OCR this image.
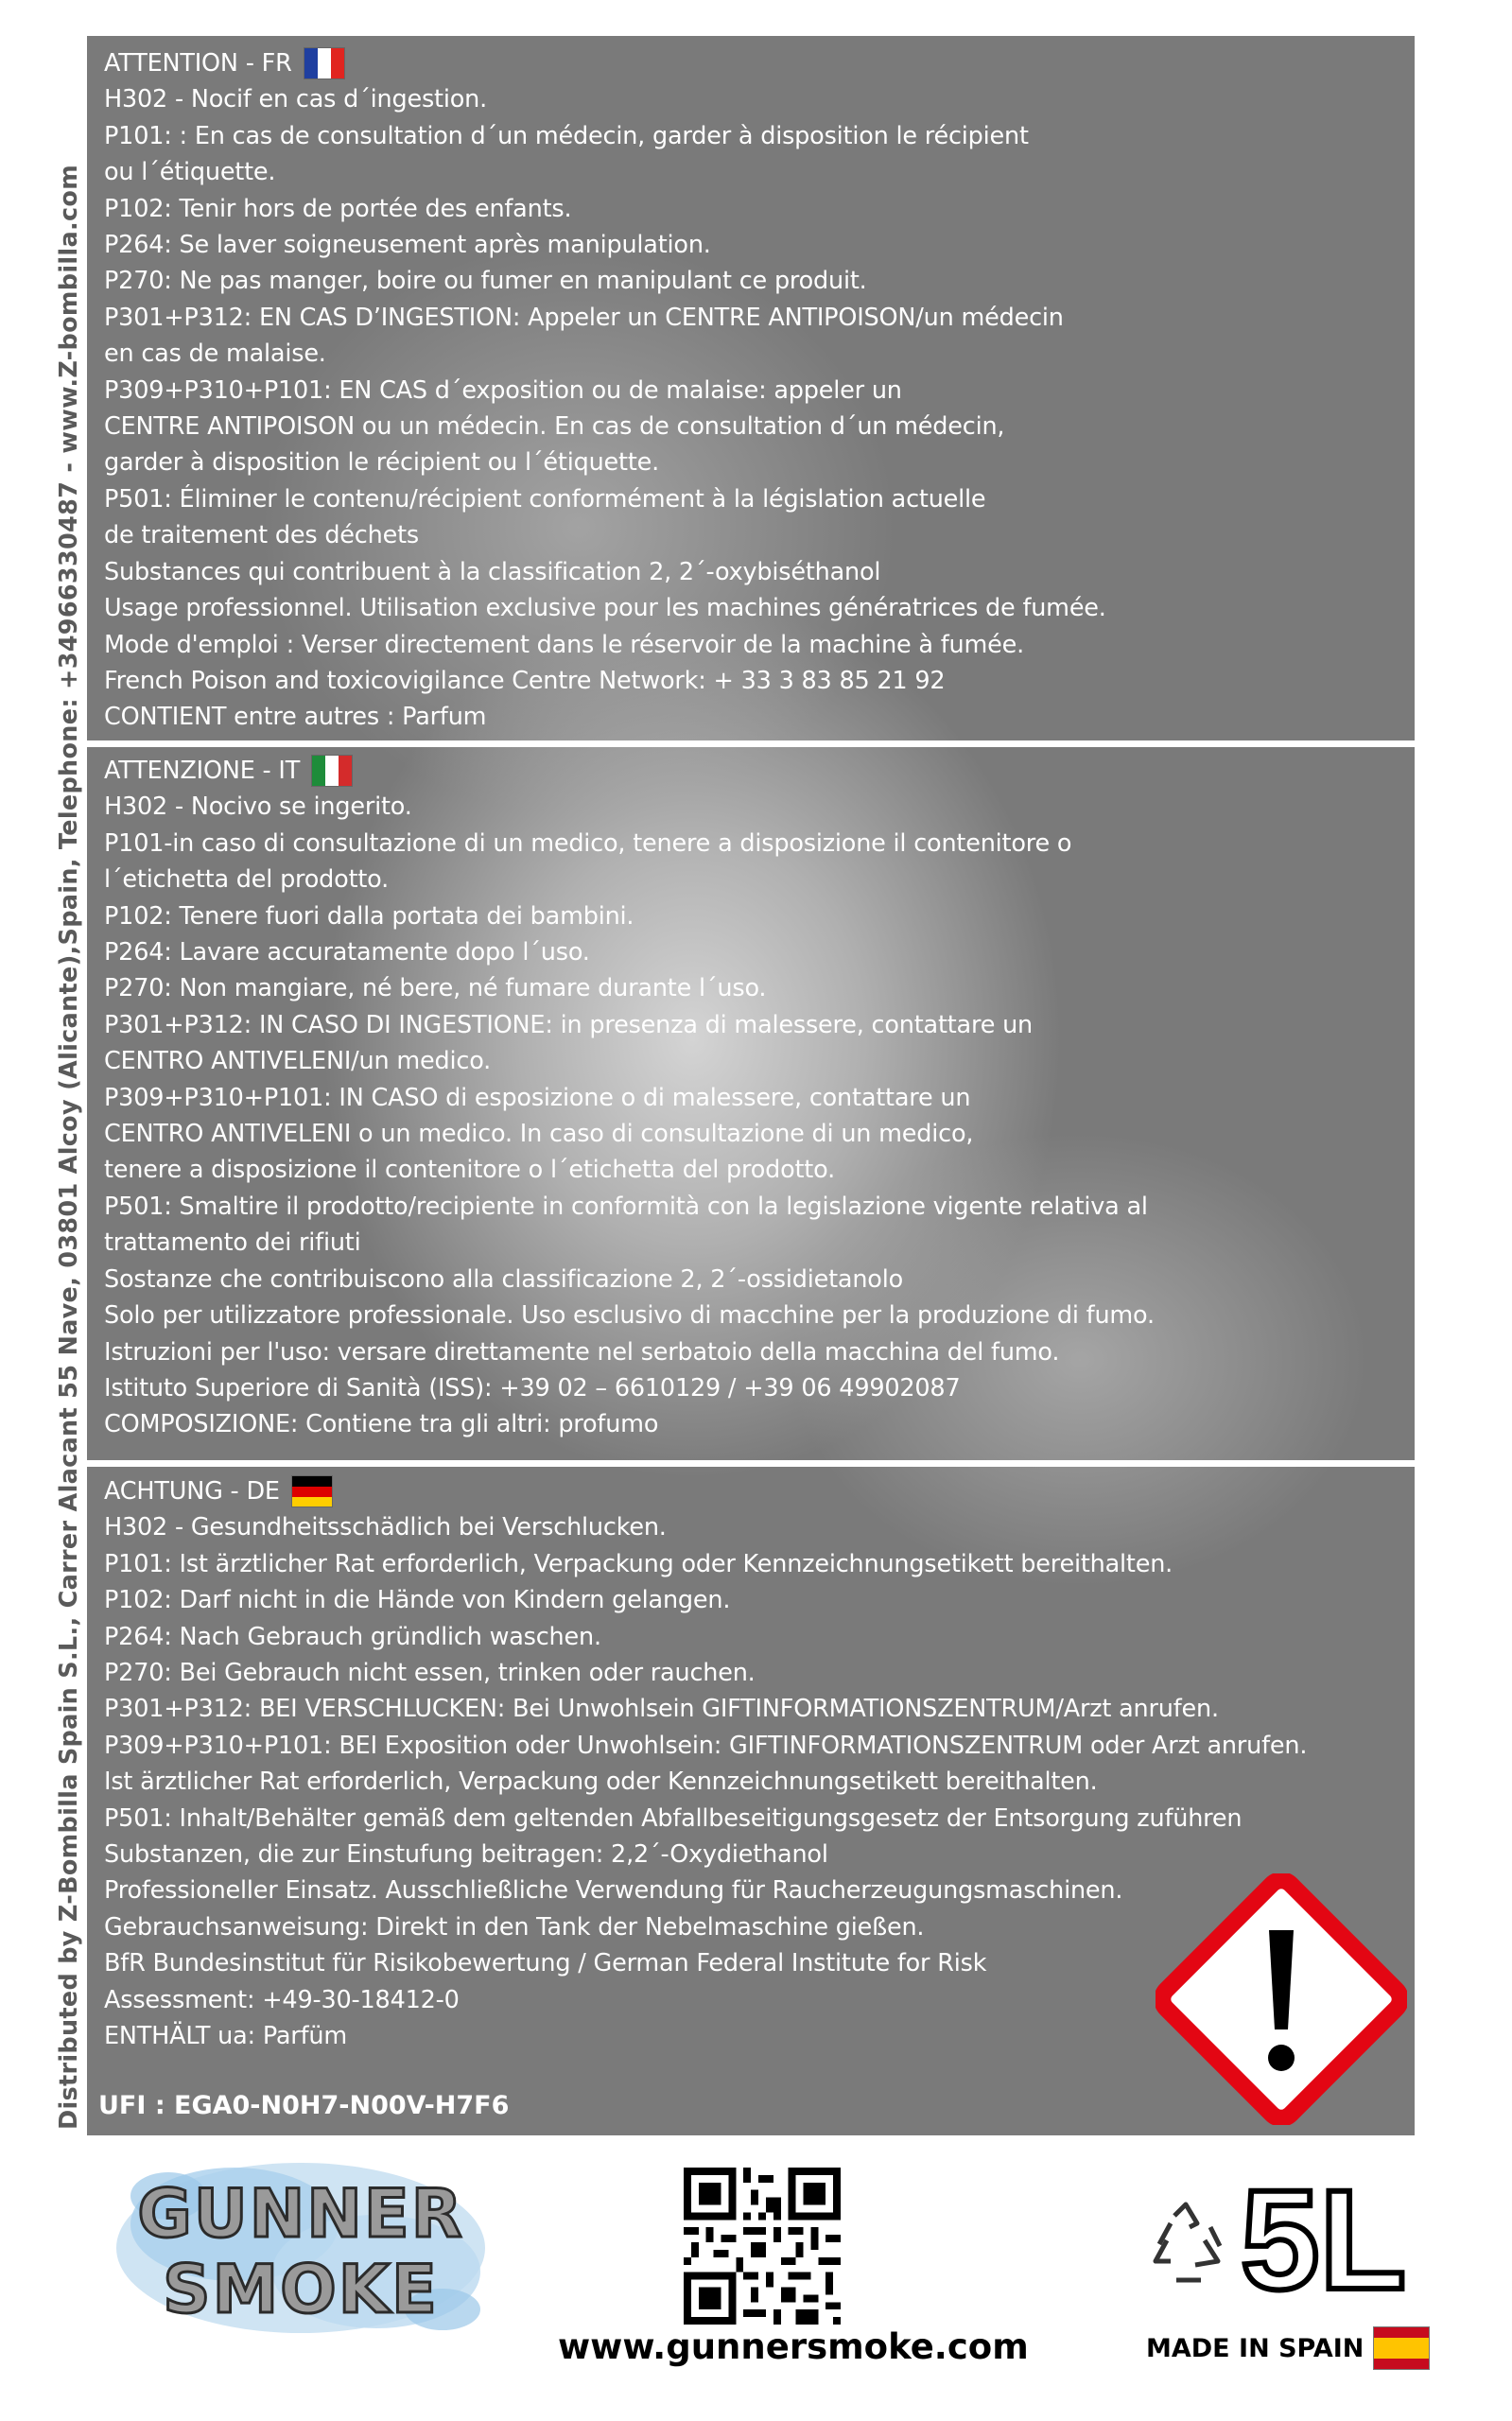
Distributed by Z-Bombilla Spain S.L., Carrer Alacant 55 Nave, 03801 Alcoy (Alicante),Spain, Telephone: +34966330487 - www.Z-bombilla.com
ATTENTION - FR
H302 - Nocif en cas d´ingestion.
P101: : En cas de consultation d´un médecin, garder à disposition le récipient
ou l´étiquette.
P102: Tenir hors de portée des enfants.
P264: Se laver soigneusement après manipulation.
P270: Ne pas manger, boire ou fumer en manipulant ce produit.
P301+P312: EN CAS D’INGESTION: Appeler un CENTRE ANTIPOISON/un médecin
en cas de malaise.
P309+P310+P101: EN CAS d´exposition ou de malaise: appeler un
CENTRE ANTIPOISON ou un médecin. En cas de consultation d´un médecin,
garder à disposition le récipient ou l´étiquette.
P501: Éliminer le contenu/récipient conformément à la législation actuelle
de traitement des déchets
Substances qui contribuent à la classification 2, 2´-oxybiséthanol
Usage professionnel. Utilisation exclusive pour les machines génératrices de fumée.
Mode d'emploi : Verser directement dans le réservoir de la machine à fumée.
French Poison and toxicovigilance Centre Network: + 33 3 83 85 21 92
CONTIENT entre autres : Parfum
ATTENZIONE - IT
H302 - Nocivo se ingerito.
P101-in caso di consultazione di un medico, tenere a disposizione il contenitore o
l´etichetta del prodotto.
P102: Tenere fuori dalla portata dei bambini.
P264: Lavare accuratamente dopo l´uso.
P270: Non mangiare, né bere, né fumare durante l´uso.
P301+P312: IN CASO DI INGESTIONE: in presenza di malessere, contattare un
CENTRO ANTIVELENI/un medico.
P309+P310+P101: IN CASO di esposizione o di malessere, contattare un
CENTRO ANTIVELENI o un medico. In caso di consultazione di un medico,
tenere a disposizione il contenitore o l´etichetta del prodotto.
P501: Smaltire il prodotto/recipiente in conformità con la legislazione vigente relativa al
trattamento dei rifiuti
Sostanze che contribuiscono alla classificazione 2, 2´-ossidietanolo
Solo per utilizzatore professionale. Uso esclusivo di macchine per la produzione di fumo.
Istruzioni per l'uso: versare direttamente nel serbatoio della macchina del fumo.
Istituto Superiore di Sanità (ISS): +39 02 – 6610129 / +39 06 49902087
COMPOSIZIONE: Contiene tra gli altri: profumo
ACHTUNG - DE
H302 - Gesundheitsschädlich bei Verschlucken.
P101: Ist ärztlicher Rat erforderlich, Verpackung oder Kennzeichnungsetikett bereithalten.
P102: Darf nicht in die Hände von Kindern gelangen.
P264: Nach Gebrauch gründlich waschen.
P270: Bei Gebrauch nicht essen, trinken oder rauchen.
P301+P312: BEI VERSCHLUCKEN: Bei Unwohlsein GIFTINFORMATIONSZENTRUM/Arzt anrufen.
P309+P310+P101: BEI Exposition oder Unwohlsein: GIFTINFORMATIONSZENTRUM oder Arzt anrufen.
Ist ärztlicher Rat erforderlich, Verpackung oder Kennzeichnungsetikett bereithalten.
P501: Inhalt/Behälter gemäß dem geltenden Abfallbeseitigungsgesetz der Entsorgung zuführen
Substanzen, die zur Einstufung beitragen: 2,2´-Oxydiethanol
Professioneller Einsatz. Ausschließliche Verwendung für Raucherzeugungsmaschinen.
Gebrauchsanweisung: Direkt in den Tank der Nebelmaschine gießen.
BfR Bundesinstitut für Risikobewertung / German Federal Institute for Risk
Assessment: +49-30-18412-0
ENTHÄLT ua: Parfüm
UFI : EGA0-N0H7-N00V-H7F6
GUNNER
SMOKE
www.gunnersmoke.com
5L
MADE IN SPAIN
